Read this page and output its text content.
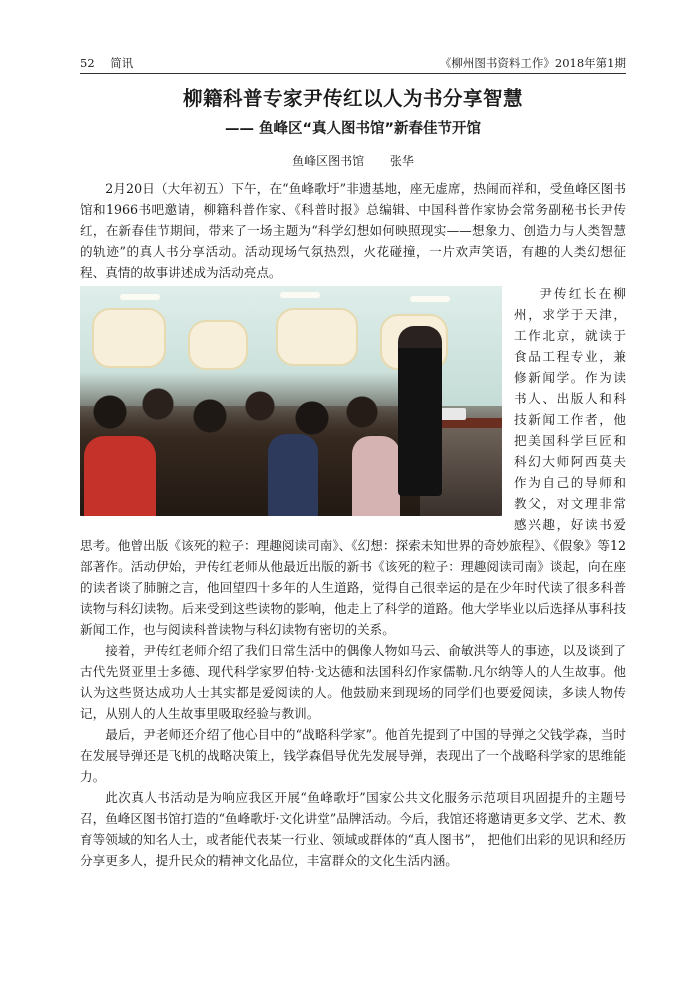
52 简讯	《柳州图书资料工作》2018年第1期
柳籍科普专家尹传红以人为书分享智慧
—— 鱼峰区“真人图书馆”新春佳节开馆
鱼峰区图书馆 张华

2月20日（大年初五）下午，在“鱼峰歌圩”非遗基地，座无虚席，热闹而祥和，受鱼峰区图书馆和1966书吧邀请，柳籍科普作家、《科普时报》总编辑、中国科普作家协会常务副秘书长尹传红，在新春佳节期间，带来了一场主题为“科学幻想如何映照现实——想象力、创造力与人类智慧的轨迹”的真人书分享活动。活动现场气氛热烈，火花碰撞，一片欢声笑语，有趣的人类幻想征程、真情的故事讲述成为活动亮点。

尹传红长在柳州，求学于天津，工作北京，就读于食品工程专业，兼修新闻学。作为读书人、出版人和科技新闻工作者，他把美国科学巨匠和科幻大师阿西莫夫作为自己的导师和教父，对文理非常感兴趣，好读书爱思考。他曾出版《该死的粒子：理趣阅读司南》、《幻想：探索未知世界的奇妙旅程》、《假象》等12部著作。活动伊始，尹传红老师从他最近出版的新书《该死的粒子：理趣阅读司南》谈起，向在座的读者谈了肺腑之言，他回望四十多年的人生道路，觉得自己很幸运的是在少年时代读了很多科普读物与科幻读物。后来受到这些读物的影响，他走上了科学的道路。他大学毕业以后选择从事科技新闻工作，也与阅读科普读物与科幻读物有密切的关系。

接着，尹传红老师介绍了我们日常生活中的偶像人物如马云、俞敏洪等人的事迹，以及谈到了古代先贤亚里士多德、现代科学家罗伯特·戈达德和法国科幻作家儒勒.凡尔纳等人的人生故事。他认为这些贤达成功人士其实都是爱阅读的人。他鼓励来到现场的同学们也要爱阅读，多读人物传记，从别人的人生故事里吸取经验与教训。

最后，尹老师还介绍了他心目中的“战略科学家”。他首先提到了中国的导弹之父钱学森，当时在发展导弹还是飞机的战略决策上，钱学森倡导优先发展导弹，表现出了一个战略科学家的思维能力。

此次真人书活动是为响应我区开展“鱼峰歌圩”国家公共文化服务示范项目巩固提升的主题号召，鱼峰区图书馆打造的“鱼峰歌圩·文化讲堂”品牌活动。今后，我馆还将邀请更多文学、艺术、教育等领域的知名人士，或者能代表某一行业、领域或群体的“真人图书”， 把他们出彩的见识和经历分享更多人，提升民众的精神文化品位，丰富群众的文化生活内涵。
